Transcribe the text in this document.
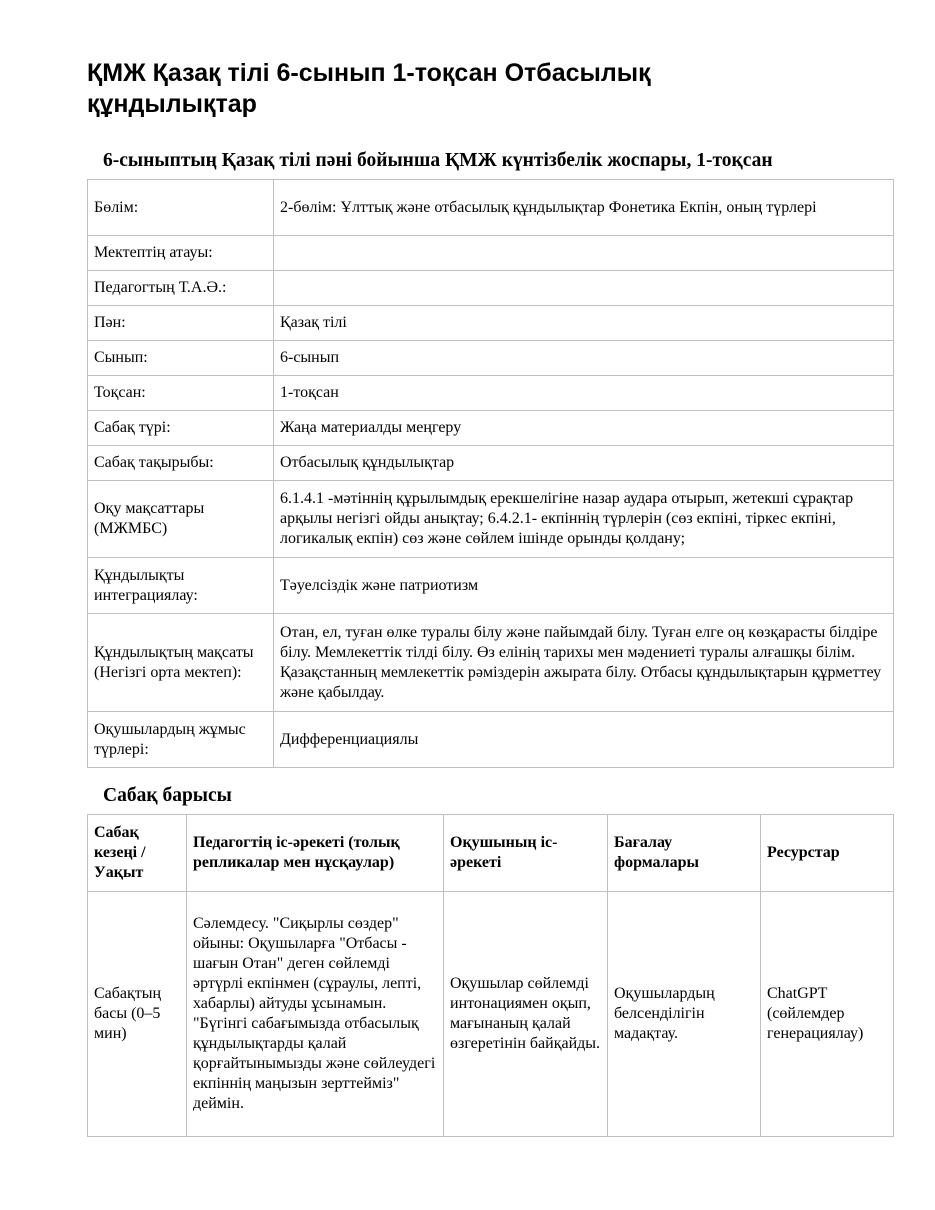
ҚМЖ Қазақ тілі 6-сынып 1-тоқсан Отбасылық құндылықтар
6-сыныптың Қазақ тілі пәні бойынша ҚМЖ күнтізбелік жоспары, 1-тоқсан
Бөлім:	2-бөлім: Ұлттық және отбасылық құндылықтар Фонетика Екпін, оның түрлері
Мектептің атауы:	
Педагогтың Т.А.Ә.:	
Пән:	Қазақ тілі
Сынып:	6-сынып
Тоқсан:	1-тоқсан
Сабақ түрі:	Жаңа материалды меңгеру
Сабақ тақырыбы:	Отбасылық құндылықтар
Оқу мақсаттары (МЖМБС)	6.1.4.1 -мәтіннің құрылымдық ерекшелігіне назар аудара отырып, жетекші сұрақтар арқылы негізгі ойды анықтау; 6.4.2.1- екпіннің түрлерін (сөз екпіні, тіркес екпіні, логикалық екпін) сөз және сөйлем ішінде орынды қолдану;
Құндылықты интеграциялау:	Тәуелсіздік және патриотизм
Құндылықтың мақсаты (Негізгі орта мектеп):	Отан, ел, туған өлке туралы білу және пайымдай білу. Туған елге оң көзқарасты білдіре білу. Мемлекеттік тілді білу. Өз елінің тарихы мен мәдениеті туралы алғашқы білім. Қазақстанның мемлекеттік рәміздерін ажырата білу. Отбасы құндылықтарын құрметтеу және қабылдау.
Оқушылардың жұмыс түрлері:	Дифференциациялы
Сабақ барысы
Сабақ кезеңі / Уақыт	Педагогтің іс-әрекеті (толық репликалар мен нұсқаулар)	Оқушының іс-әрекеті	Бағалау формалары	Ресурстар
Сабақтың басы (0–5 мин)	Сәлемдесу. "Сиқырлы сөздер" ойыны: Оқушыларға "Отбасы - шағын Отан" деген сөйлемді әртүрлі екпінмен (сұраулы, лепті, хабарлы) айтуды ұсынамын. "Бүгінгі сабағымызда отбасылық құндылықтарды қалай қорғайтынымызды және сөйлеудегі екпіннің маңызын зерттейміз" деймін.	Оқушылар сөйлемді интонациямен оқып, мағынаның қалай өзгеретінін байқайды.	Оқушылардың белсенділігін мадақтау.	ChatGPT (сөйлемдер генерациялау)
